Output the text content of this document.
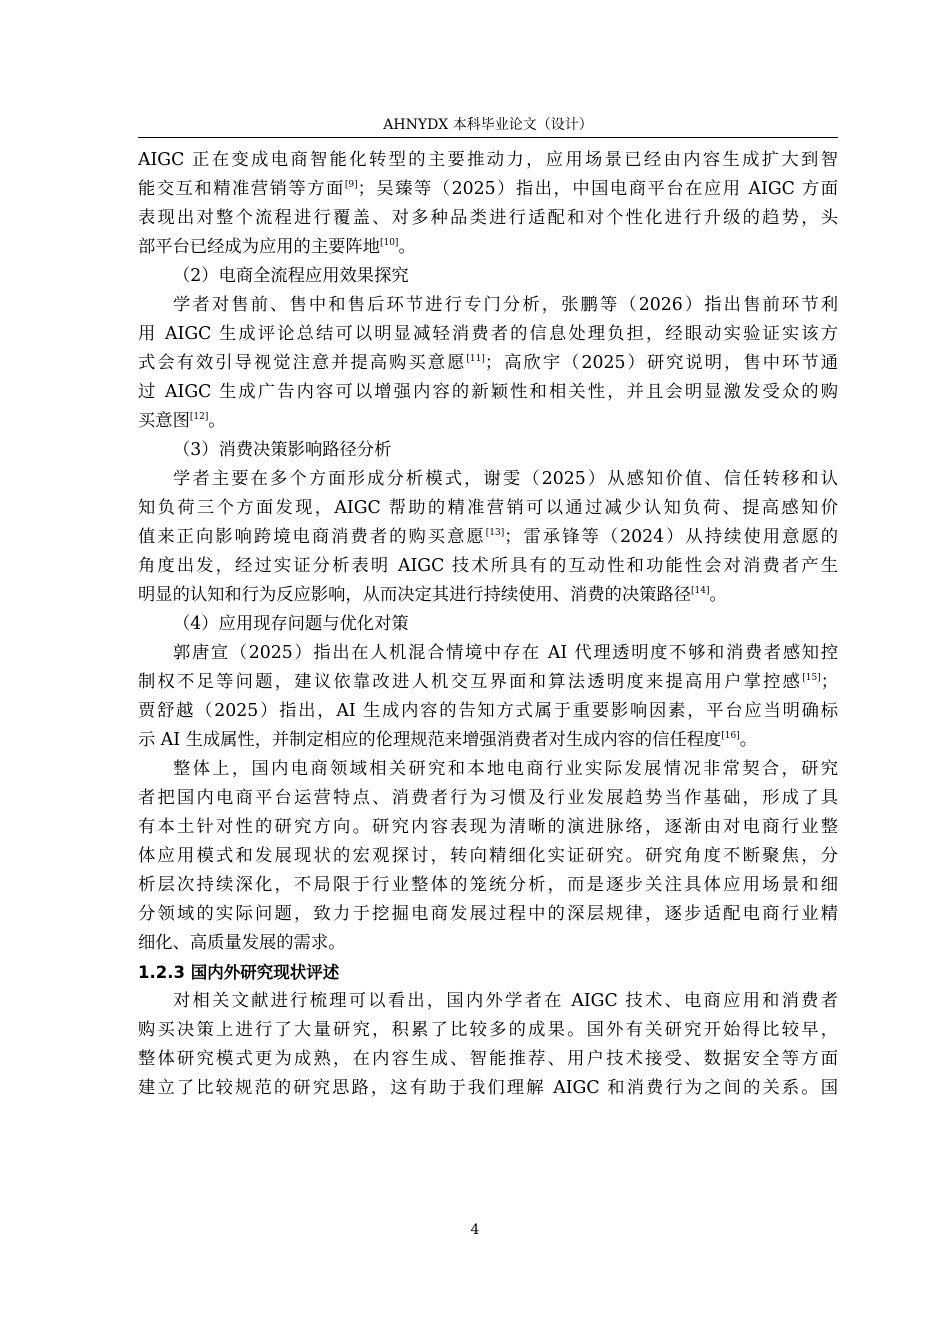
AHNYDX 本科毕业论文（设计）
AIGC 正在变成电商智能化转型的主要推动力，应用场景已经由内容生成扩大到智
能交互和精准营销等方面[9]；吴臻等（2025）指出，中国电商平台在应用 AIGC 方面
表现出对整个流程进行覆盖、对多种品类进行适配和对个性化进行升级的趋势，头
部平台已经成为应用的主要阵地[10]。
（2）电商全流程应用效果探究
学者对售前、售中和售后环节进行专门分析，张鹏等（2026）指出售前环节利
用 AIGC 生成评论总结可以明显减轻消费者的信息处理负担，经眼动实验证实该方
式会有效引导视觉注意并提高购买意愿[11]；高欣宇（2025）研究说明，售中环节通
过 AIGC 生成广告内容可以增强内容的新颖性和相关性，并且会明显激发受众的购
买意图[12]。
（3）消费决策影响路径分析
学者主要在多个方面形成分析模式，谢雯（2025）从感知价值、信任转移和认
知负荷三个方面发现，AIGC 帮助的精准营销可以通过减少认知负荷、提高感知价
值来正向影响跨境电商消费者的购买意愿[13]；雷承锋等（2024）从持续使用意愿的
角度出发，经过实证分析表明 AIGC 技术所具有的互动性和功能性会对消费者产生
明显的认知和行为反应影响，从而决定其进行持续使用、消费的决策路径[14]。
（4）应用现存问题与优化对策
郭唐宣（2025）指出在人机混合情境中存在 AI 代理透明度不够和消费者感知控
制权不足等问题，建议依靠改进人机交互界面和算法透明度来提高用户掌控感[15]；
贾舒越（2025）指出，AI 生成内容的告知方式属于重要影响因素，平台应当明确标
示 AI 生成属性，并制定相应的伦理规范来增强消费者对生成内容的信任程度[16]。
整体上，国内电商领域相关研究和本地电商行业实际发展情况非常契合，研究
者把国内电商平台运营特点、消费者行为习惯及行业发展趋势当作基础，形成了具
有本土针对性的研究方向。研究内容表现为清晰的演进脉络，逐渐由对电商行业整
体应用模式和发展现状的宏观探讨，转向精细化实证研究。研究角度不断聚焦，分
析层次持续深化，不局限于行业整体的笼统分析，而是逐步关注具体应用场景和细
分领域的实际问题，致力于挖掘电商发展过程中的深层规律，逐步适配电商行业精
细化、高质量发展的需求。
1.2.3 国内外研究现状评述
对相关文献进行梳理可以看出，国内外学者在 AIGC 技术、电商应用和消费者
购买决策上进行了大量研究，积累了比较多的成果。国外有关研究开始得比较早，
整体研究模式更为成熟，在内容生成、智能推荐、用户技术接受、数据安全等方面
建立了比较规范的研究思路，这有助于我们理解 AIGC 和消费行为之间的关系。国
4
